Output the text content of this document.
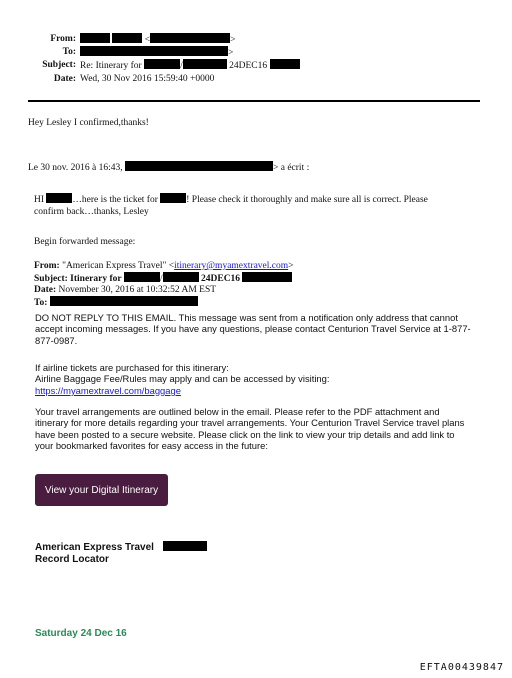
From:	<	>
To:	>
Subject: Re: Itinerary for	/	24DEC16
Date: Wed, 30 Nov 2016 15:59:40 +0000
Hey Lesley I confirmed,thanks!
Le 30 nov. 2016 à 16:43,	> a écrit :
HI	…here is the ticket for	! Please check it thoroughly and make sure all is correct. Please
confirm back…thanks, Lesley
Begin forwarded message:
From: "American Express Travel" <itinerary@myamextravel.com>
Subject: Itinerary for	/	24DEC16
Date: November 30, 2016 at 10:32:52 AM EST
To:
DO NOT REPLY TO THIS EMAIL. This message was sent from a notification only address that cannot accept incoming messages. If you have any questions, please contact Centurion Travel Service at 1-877-877-0987.
If airline tickets are purchased for this itinerary:
Airline Baggage Fee/Rules may apply and can be accessed by visiting:
https://myamextravel.com/baggage
Your travel arrangements are outlined below in the email. Please refer to the PDF attachment and itinerary for more details regarding your travel arrangements. Your Centurion Travel Service travel plans have been posted to a secure website. Please click on the link to view your trip details and add link to your bookmarked favorites for easy access in the future:
View your Digital Itinerary
American Express Travel
Record Locator
Saturday 24 Dec 16
EFTA00439847
